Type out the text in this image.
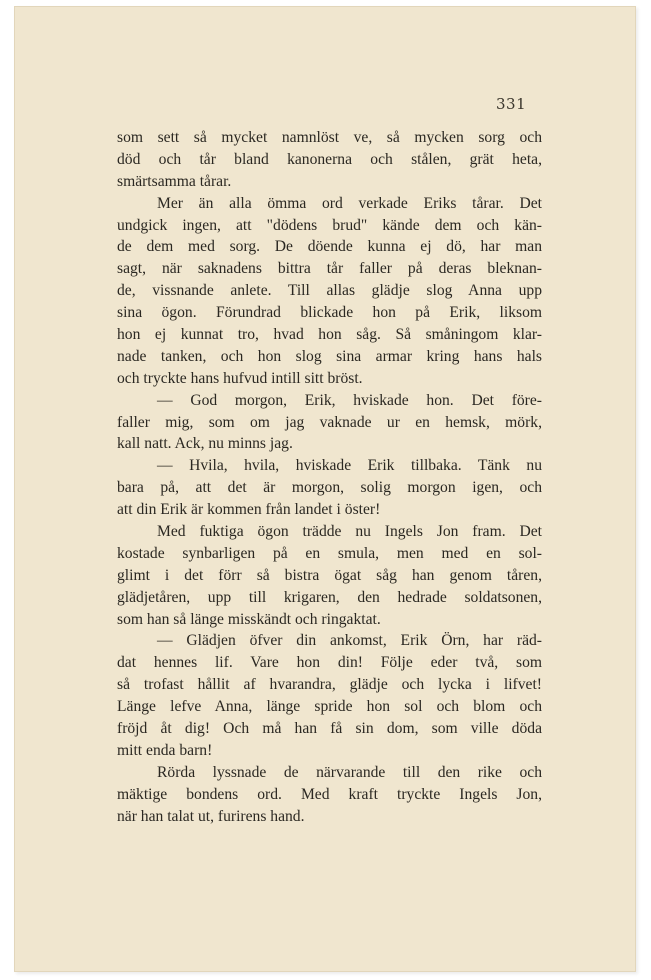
331
som sett så mycket namnlöst ve, så mycken sorg och
död och tår bland kanonerna och stålen, grät heta,
smärtsamma tårar.
Mer än alla ömma ord verkade Eriks tårar. Det
undgick ingen, att "dödens brud" kände dem och kän-
de dem med sorg. De döende kunna ej dö, har man
sagt, när saknadens bittra tår faller på deras bleknan-
de, vissnande anlete. Till allas glädje slog Anna upp
sina ögon. Förundrad blickade hon på Erik, liksom
hon ej kunnat tro, hvad hon såg. Så småningom klar-
nade tanken, och hon slog sina armar kring hans hals
och tryckte hans hufvud intill sitt bröst.
— God morgon, Erik, hviskade hon. Det före-
faller mig, som om jag vaknade ur en hemsk, mörk,
kall natt. Ack, nu minns jag.
— Hvila, hvila, hviskade Erik tillbaka. Tänk nu
bara på, att det är morgon, solig morgon igen, och
att din Erik är kommen från landet i öster!
Med fuktiga ögon trädde nu Ingels Jon fram. Det
kostade synbarligen på en smula, men med en sol-
glimt i det förr så bistra ögat såg han genom tåren,
glädjetåren, upp till krigaren, den hedrade soldatsonen,
som han så länge misskändt och ringaktat.
— Glädjen öfver din ankomst, Erik Örn, har räd-
dat hennes lif. Vare hon din! Följe eder två, som
så trofast hållit af hvarandra, glädje och lycka i lifvet!
Länge lefve Anna, länge spride hon sol och blom och
fröjd åt dig! Och må han få sin dom, som ville döda
mitt enda barn!
Rörda lyssnade de närvarande till den rike och
mäktige bondens ord. Med kraft tryckte Ingels Jon,
när han talat ut, furirens hand.
